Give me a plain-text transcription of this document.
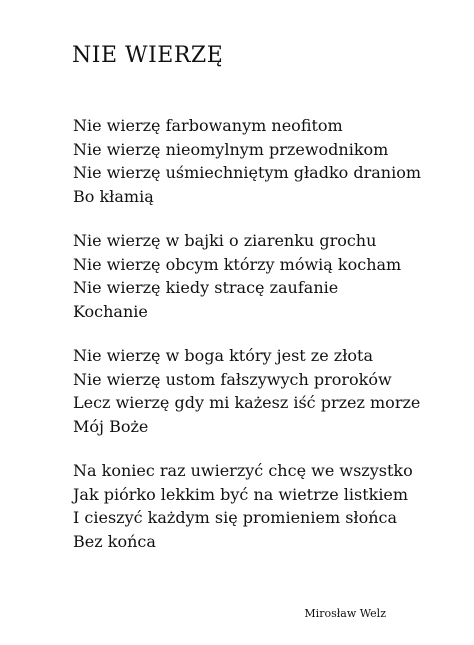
NIE WIERZĘ
Nie wierzę farbowanym neofitom
Nie wierzę nieomylnym przewodnikom
Nie wierzę uśmiechniętym gładko draniom
Bo kłamią
Nie wierzę w bajki o ziarenku grochu
Nie wierzę obcym którzy mówią kocham
Nie wierzę kiedy stracę zaufanie
Kochanie
Nie wierzę w boga który jest ze złota
Nie wierzę ustom fałszywych proroków
Lecz wierzę gdy mi każesz iść przez morze
Mój Boże
Na koniec raz uwierzyć chcę we wszystko
Jak piórko lekkim być na wietrze listkiem
I cieszyć każdym się promieniem słońca
Bez końca
Mirosław Welz
